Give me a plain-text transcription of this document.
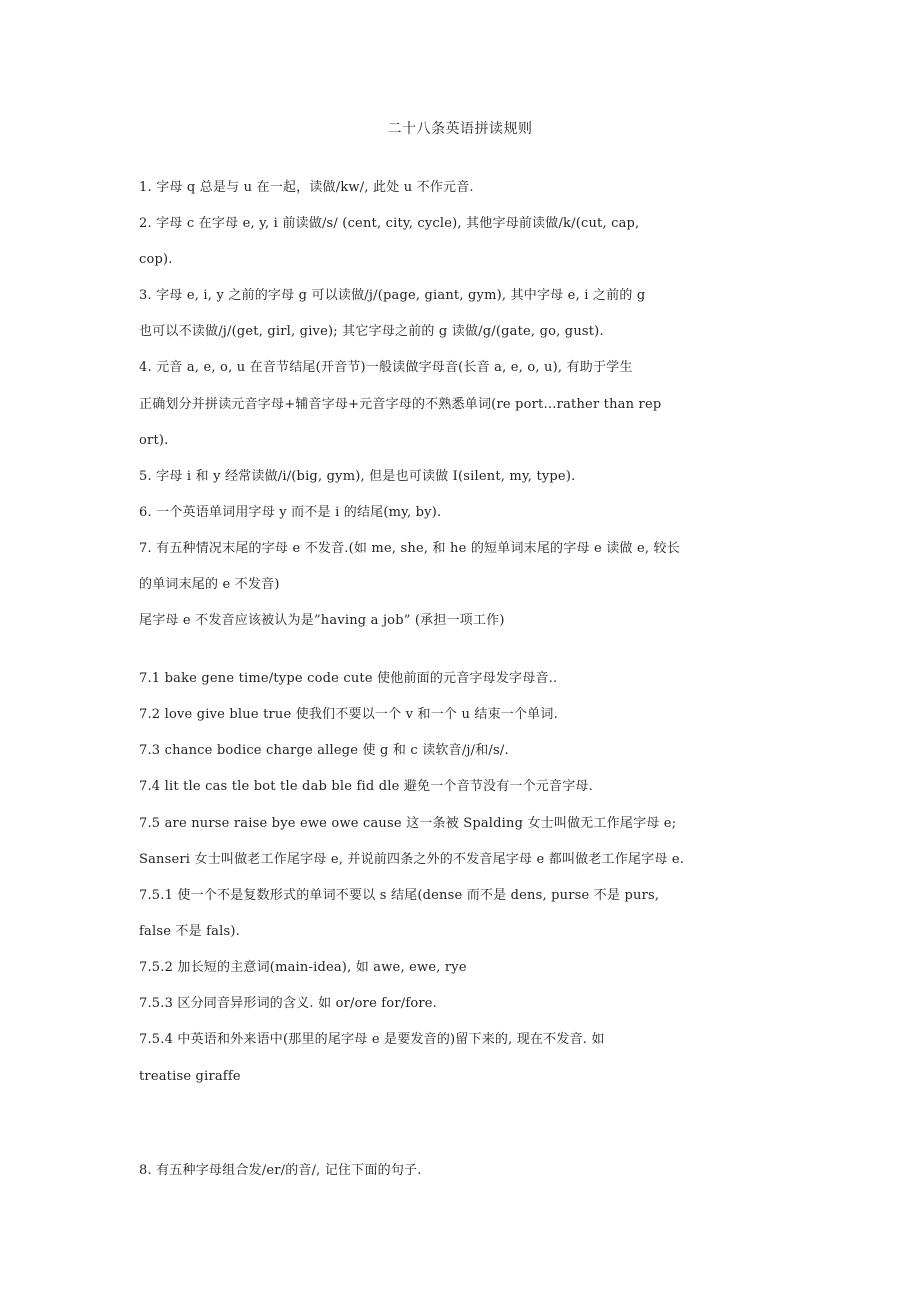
二十八条英语拼读规则
1. 字母 q 总是与 u 在一起，读做/kw/, 此处 u 不作元音.
2. 字母 c 在字母 e, y, i 前读做/s/ (cent, city, cycle), 其他字母前读做/k/(cut, cap,
cop).
3. 字母 e, i, y 之前的字母 g 可以读做/j/(page, giant, gym), 其中字母 e, i 之前的 g
也可以不读做/j/(get, girl, give); 其它字母之前的 g 读做/g/(gate, go, gust).
4. 元音 a, e, o, u 在音节结尾(开音节)一般读做字母音(长音 a, e, o, u), 有助于学生
正确划分并拼读元音字母+辅音字母+元音字母的不熟悉单词(re port…rather than rep
ort).
5. 字母 i 和 y 经常读做/i/(big, gym), 但是也可读做 I(silent, my, type).
6. 一个英语单词用字母 y 而不是 i 的结尾(my, by).
7. 有五种情况末尾的字母 e 不发音.(如 me, she, 和 he 的短单词末尾的字母 e 读做 e, 较长
的单词末尾的 e 不发音)
尾字母 e 不发音应该被认为是”having a job” (承担一项工作)
7.1 bake gene time/type code cute 使他前面的元音字母发字母音..
7.2 love give blue true 使我们不要以一个 v 和一个 u 结束一个单词.
7.3 chance bodice charge allege 使 g 和 c 读软音/j/和/s/.
7.4 lit tle cas tle bot tle dab ble fid dle 避免一个音节没有一个元音字母.
7.5 are nurse raise bye ewe owe cause 这一条被 Spalding 女士叫做无工作尾字母 e;
Sanseri 女士叫做老工作尾字母 e, 并说前四条之外的不发音尾字母 e 都叫做老工作尾字母 e.
7.5.1 使一个不是复数形式的单词不要以 s 结尾(dense 而不是 dens, purse 不是 purs,
false 不是 fals).
7.5.2 加长短的主意词(main-idea), 如 awe, ewe, rye
7.5.3 区分同音异形词的含义. 如 or/ore for/fore.
7.5.4 中英语和外来语中(那里的尾字母 e 是要发音的)留下来的, 现在不发音. 如
treatise giraffe
8. 有五种字母组合发/er/的音/, 记住下面的句子.
